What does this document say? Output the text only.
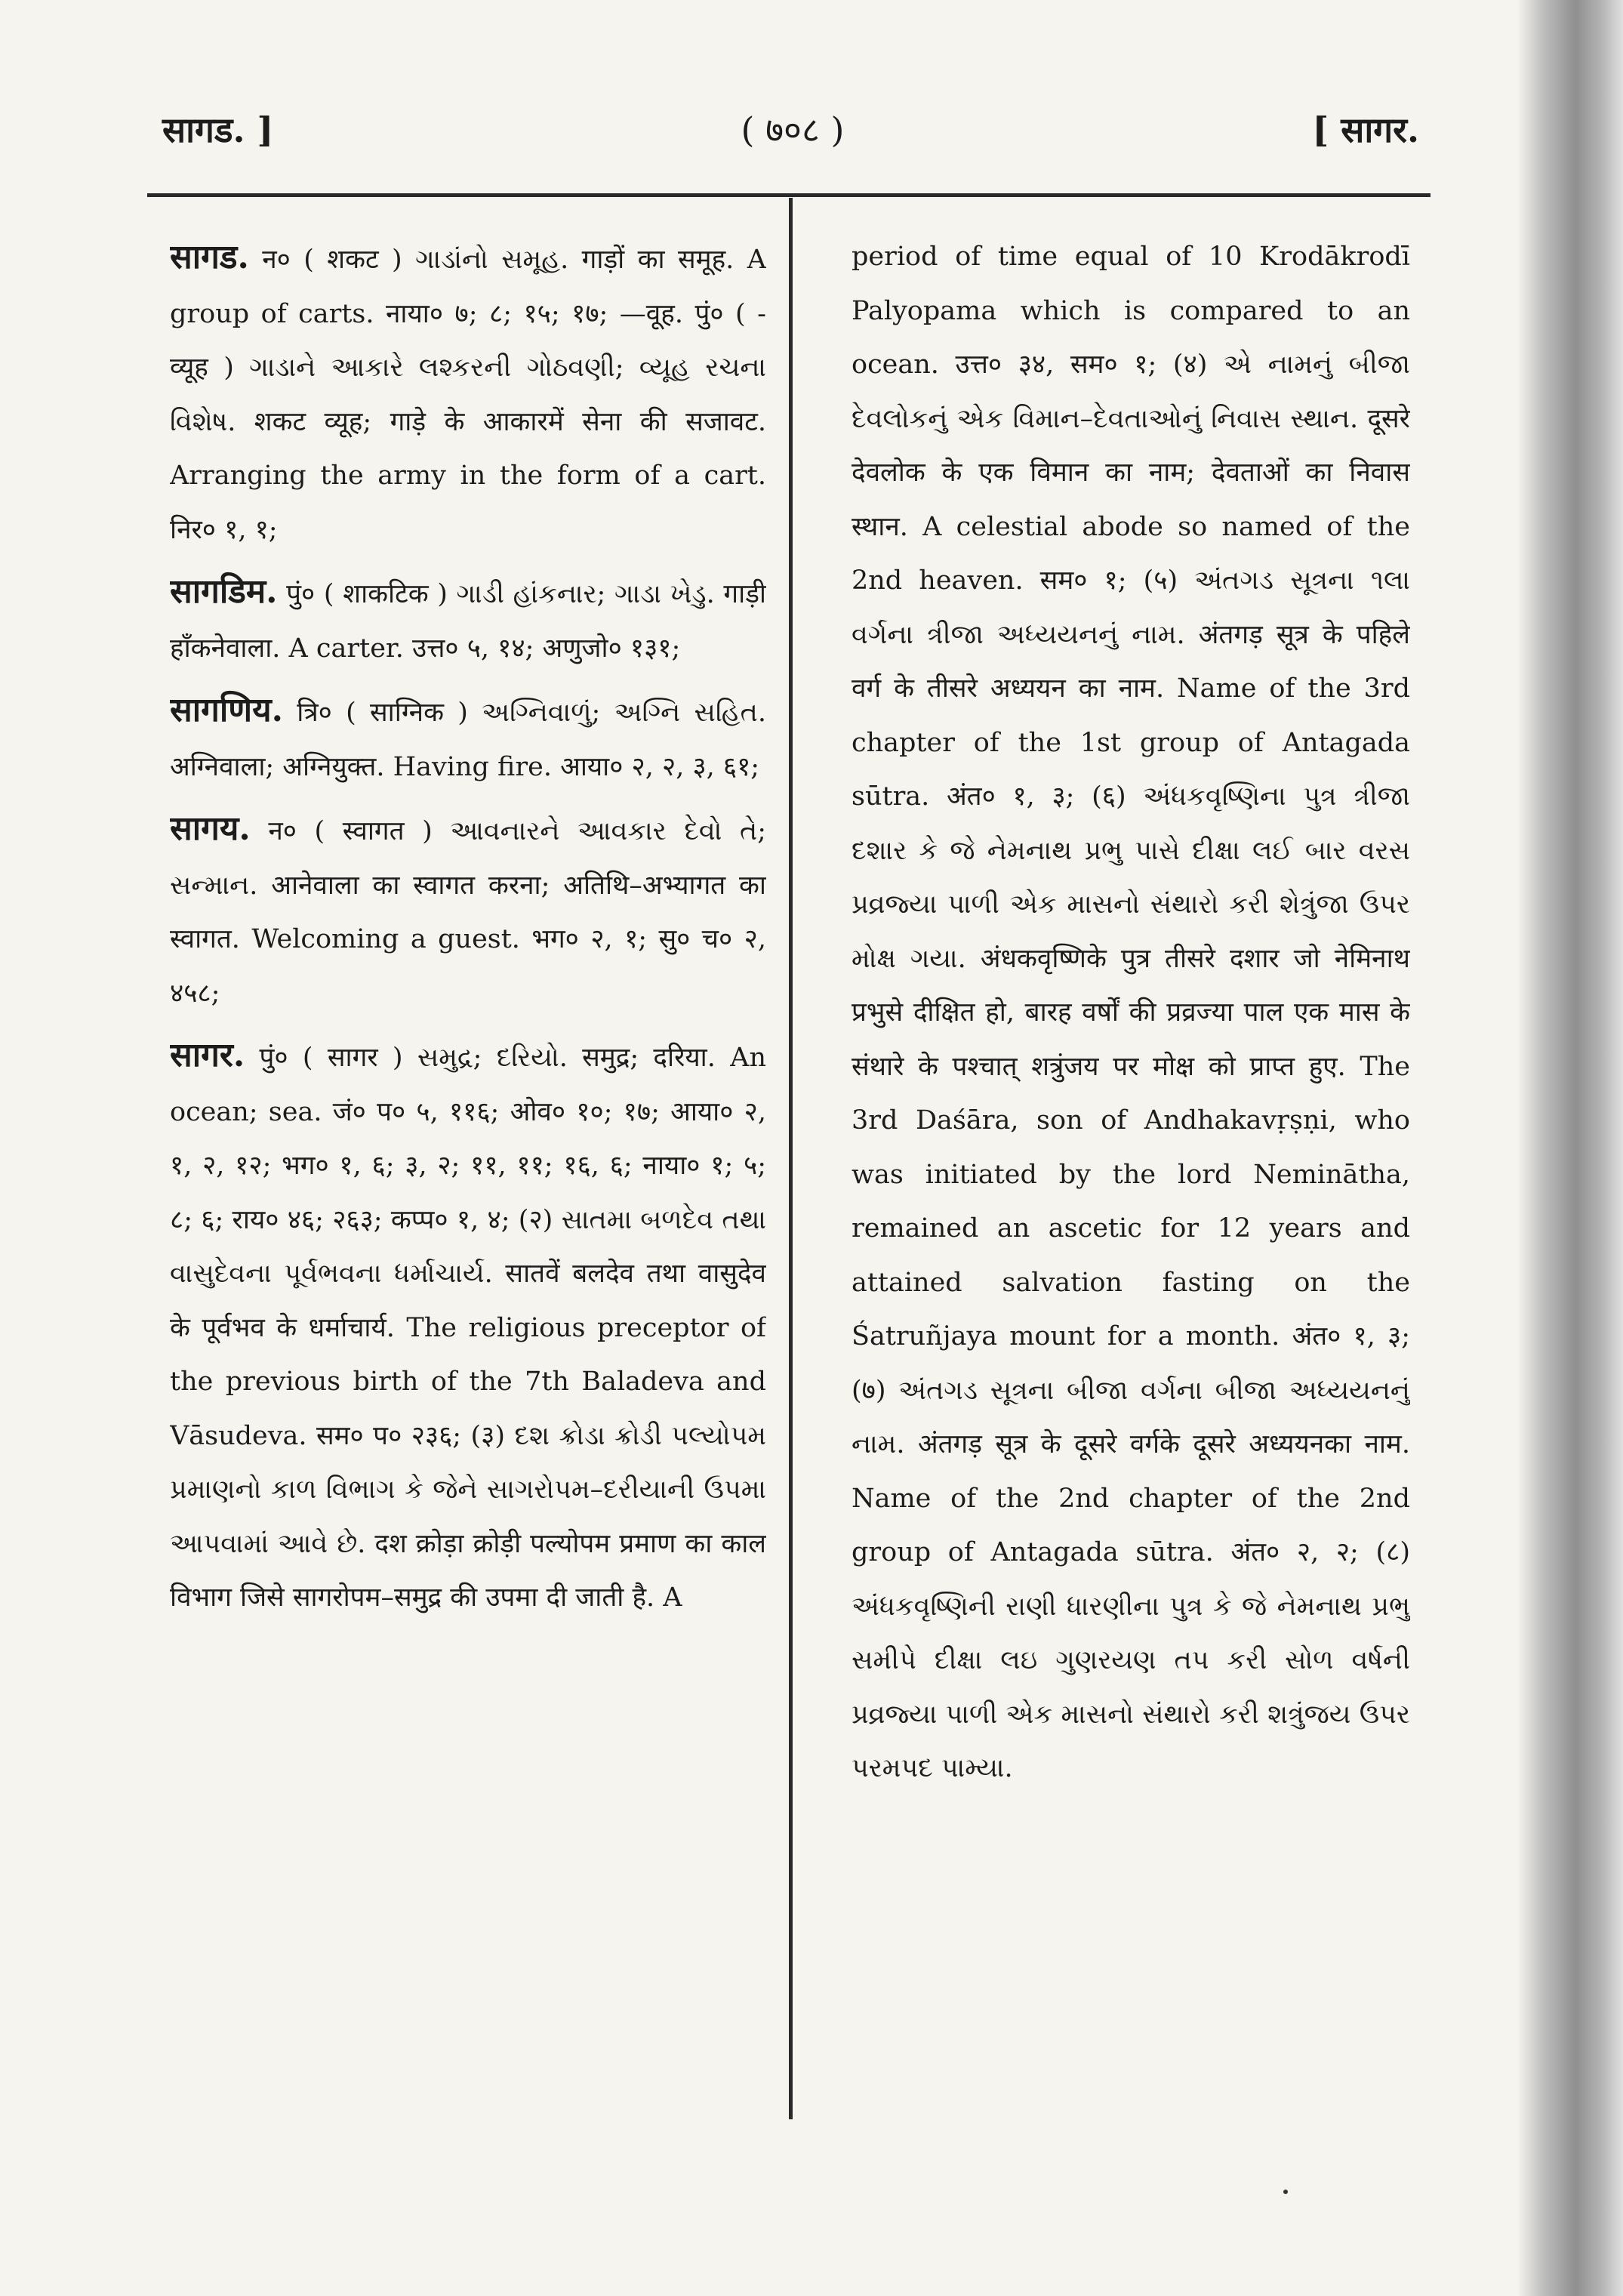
सागड. ]	( ७०८ )	[ सागर.

सागड. न० ( शकट ) ગાડાંનો સમૂહ. गाड़ों का समूह. A group of carts. नाया० ७; ८; १५; १७; —वूह. पुं० ( -व्यूह ) ગાડાને આકારે લશ્કરની ગોઠવણી; વ્યૂહ રચના વિશેષ. शकट व्यूह; गाड़े के आकारमें सेना की सजावट. Arranging the army in the form of a cart. निर० १, १;

सागडिम. पुं० ( शाकटिक ) ગાડી હાંકનાર; ગાડા ખેડુ. गाड़ी हाँकनेवाला. A carter. उत्त० ५, १४; अणुजो० १३१;

सागणिय. त्रि० ( साग्निक ) અગ્નિવાળું; અગ્નિ સહિત. अग्निवाला; अग्नियुक्त. Having fire. आया० २, २, ३, ६१;

सागय. न० ( स्वागत ) આવનારને આવકાર દેવો તે; સન્માન. आनेवाला का स्वागत करना; अतिथि–अभ्यागत का स्वागत. Welcoming a guest. भग० २, १; सु० च० २, ४५८;

सागर. पुं० ( सागर ) સમુદ્ર; દરિયો. समुद्र; दरिया. An ocean; sea. जं० प० ५, ११६; ओव० १०; १७; आया० २, १, २, १२; भग० १, ६; ३, २; ११, ११; १६, ६; नाया० १; ५; ८; ६; राय० ४६; २६३; कप्प० १, ४; (२) સાતમા બળદેવ તથા વાસુદેવના પૂર્વભવના ધર્માચાર્ય. सातवें बलदेव तथा वासुदेव के पूर्वभव के धर्माचार्य. The religious preceptor of the previous birth of the 7th Baladeva and Vāsudeva. सम० प० २३६; (३) દશ ક્રોડા ક્રોડી પલ્યોપમ પ્રમાણનો કાળ વિભાગ કે જેને સાગરોપમ–દરીયાની ઉપમા આપવામાં આવે છે. दश क्रोड़ा क्रोड़ी पल्योपम प्रमाण का काल विभाग जिसे सागरोपम–समुद्र की उपमा दी जाती है. A

period of time equal of 10 Krodākrodī Palyopama which is compared to an ocean. उत्त० ३४, सम० १; (४) એ નામનું બીજા દેવલોકનું એક વિમાન–દેવતાઓનું નિવાસ સ્થાન. दूसरे देवलोक के एक विमान का नाम; देवताओं का निवास स्थान. A celestial abode so named of the 2nd heaven. सम० १; (५) અંતગડ સૂત્રના ૧લા વર્ગના ત્રીજા અધ્યયનનું નામ. अंतगड़ सूत्र के पहिले वर्ग के तीसरे अध्ययन का नाम. Name of the 3rd chapter of the 1st group of Antagada sūtra. अंत० १, ३; (६) અંધકવૃષ્ણિના પુત્ર ત્રીજા દશાર કે જે નેમનાથ પ્રભુ પાસે દીક્ષા લઈ બાર વરસ પ્રવ્રજ્યા પાળી એક માસનો સંથારો કરી શેત્રુંજા ઉપર મોક્ષ ગયા. अंधकवृष्णिके पुत्र तीसरे दशार जो नेमिनाथ प्रभुसे दीक्षित हो, बारह वर्षों की प्रव्रज्या पाल एक मास के संथारे के पश्चात् शत्रुंजय पर मोक्ष को प्राप्त हुए. The 3rd Daśāra, son of Andhakavṛṣṇi, who was initiated by the lord Nemināthа, remained an ascetic for 12 years and attained salvation fasting on the Śatruñjaya mount for a month. अंत० १, ३; (७) અંતગડ સૂત્રના બીજા વર્ગના બીજા અધ્યયનનું નામ. अंतगड़ सूत्र के दूसरे वर्गके दूसरे अध्ययनका नाम. Name of the 2nd chapter of the 2nd group of Antagada sūtra. अंत० २, २; (८) અંધકવૃષ્ણિની રાણી ધારણીના પુત્ર કે જે નેમનાથ પ્રભુ સમીપે દીક્ષા લઇ ગુણરયણ તપ કરી સોળ વર્ષની પ્રવ્રજ્યા પાળી એક માસનો સંથારો કરી શત્રુંજય ઉપર પરમપદ પામ્યા.
